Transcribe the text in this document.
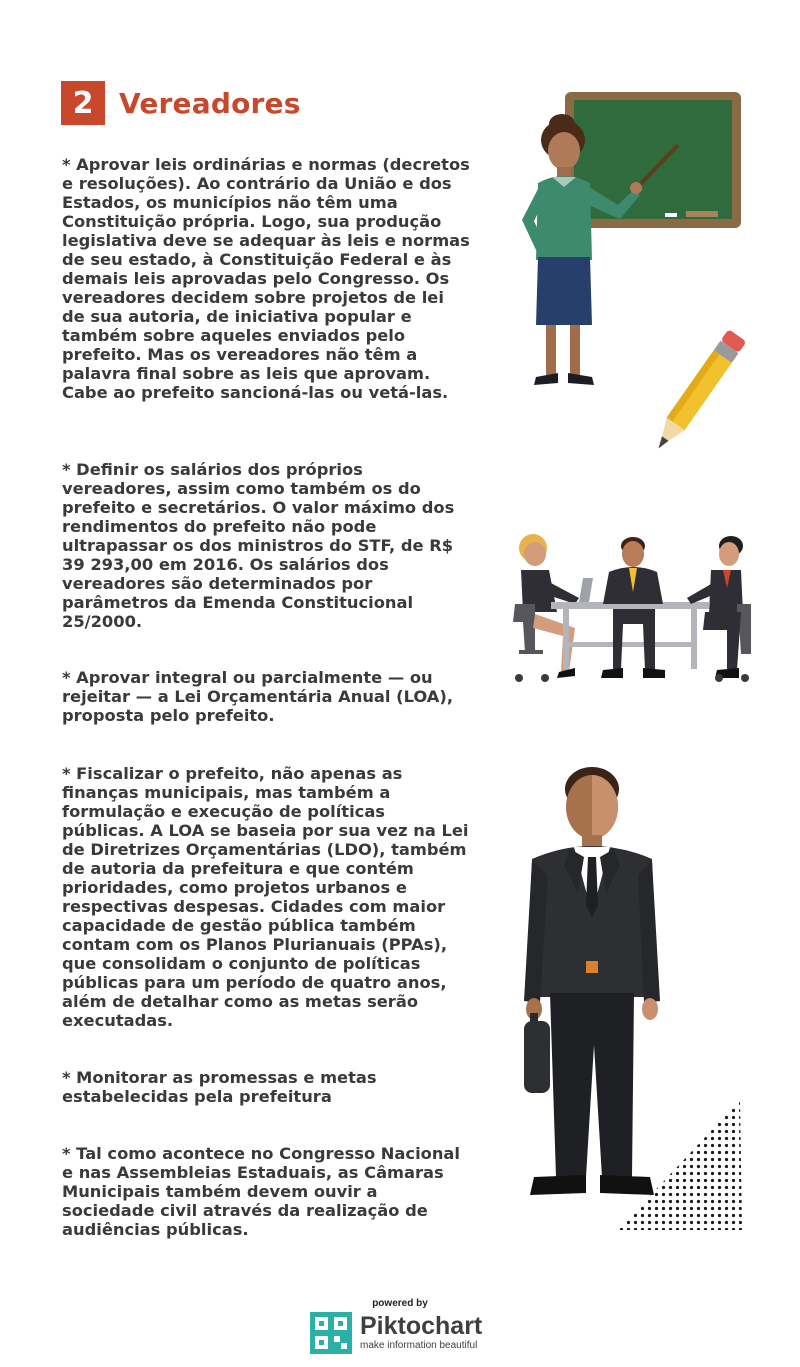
2 Vereadores

* Aprovar leis ordinárias e normas (decretos e resoluções). Ao contrário da União e dos Estados, os municípios não têm uma Constituição própria. Logo, sua produção legislativa deve se adequar às leis e normas de seu estado, à Constituição Federal e às demais leis aprovadas pelo Congresso. Os vereadores decidem sobre projetos de lei de sua autoria, de iniciativa popular e também sobre aqueles enviados pelo prefeito. Mas os vereadores não têm a palavra final sobre as leis que aprovam. Cabe ao prefeito sancioná-las ou vetá-las.

* Definir os salários dos próprios vereadores, assim como também os do prefeito e secretários. O valor máximo dos rendimentos do prefeito não pode ultrapassar os dos ministros do STF, de R$ 39 293,00 em 2016. Os salários dos vereadores são determinados por parâmetros da Emenda Constitucional 25/2000.

* Aprovar integral ou parcialmente — ou rejeitar — a Lei Orçamentária Anual (LOA), proposta pelo prefeito.

* Fiscalizar o prefeito, não apenas as finanças municipais, mas também a formulação e execução de políticas públicas. A LOA se baseia por sua vez na Lei de Diretrizes Orçamentárias (LDO), também de autoria da prefeitura e que contém prioridades, como projetos urbanos e respectivas despesas. Cidades com maior capacidade de gestão pública também contam com os Planos Plurianuais (PPAs), que consolidam o conjunto de políticas públicas para um período de quatro anos, além de detalhar como as metas serão executadas.

* Monitorar as promessas e metas estabelecidas pela prefeitura

* Tal como acontece no Congresso Nacional e nas Assembleias Estaduais, as Câmaras Municipais também devem ouvir a sociedade civil através da realização de audiências públicas.

powered by
Piktochart
make information beautiful
